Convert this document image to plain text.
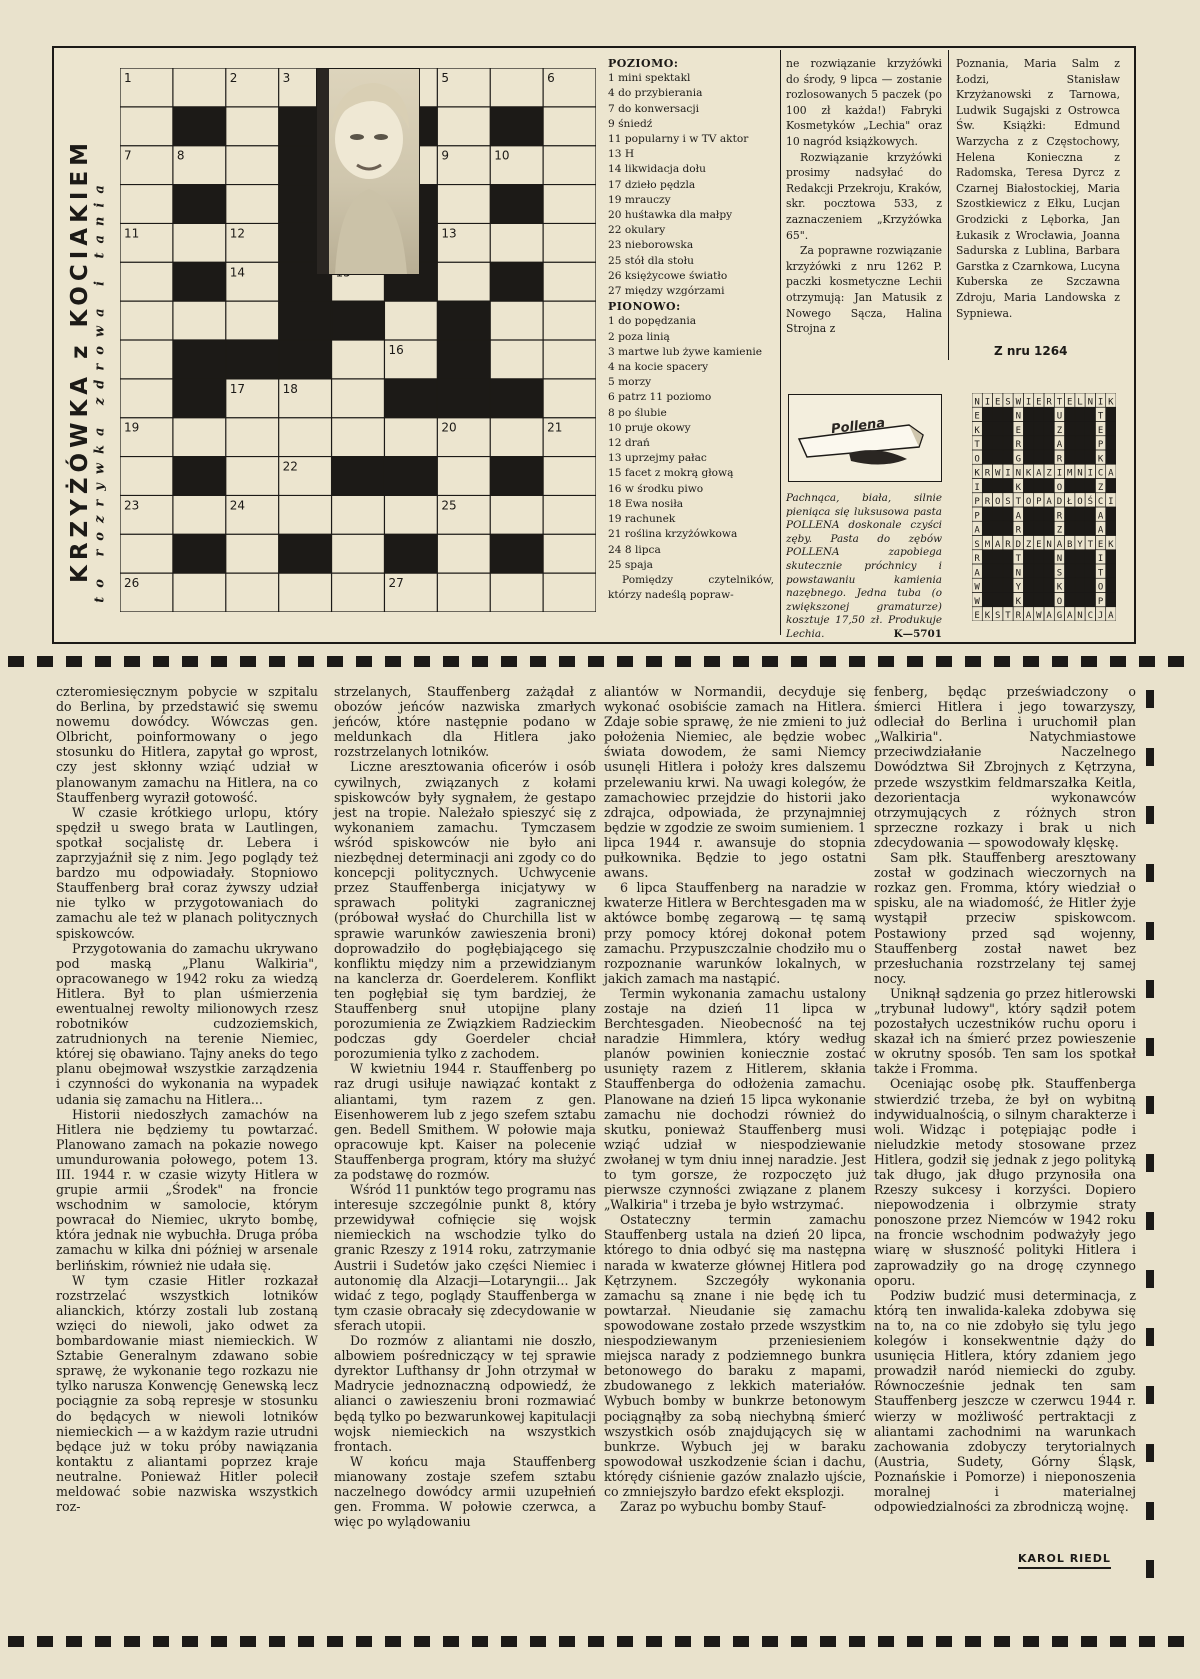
KRZYŻÓWKA z KOCIAKIEM to rozrywka zdrowa i tania
1	2	3	5	6
7	8	9	10
11	12	13
14
16
17	18
19	20	21
22
23	24	25
26	27
POZIOMO:
1 mini spektakl
4 do przybierania
7 do konwersacji
9 śniedź
11 popularny i w TV aktor
13 H
14 likwidacja dołu
17 dzieło pędzla
19 mrauczy
20 huśtawka dla małpy
22 okulary
23 nieborowska
25 stół dla stołu
26 księżycowe światło
27 między wzgórzami
PIONOWO:
1 do popędzania
2 poza linią
3 martwe lub żywe kamienie
4 na kocie spacery
5 morzy
6 patrz 11 poziomo
8 po ślubie
10 pruje okowy
12 drań
13 uprzejmy pałac
15 facet z mokrą głową
16 w środku piwo
18 Ewa nosiła
19 rachunek
21 roślina krzyżówkowa
24 8 lipca
25 spaja
Pomiędzy czytelników, którzy nadeślą popraw-
ne rozwiązanie krzyżówki do środy, 9 lipca — zostanie rozlosowanych 5 paczek (po 100 zł każda!) Fabryki Kosmetyków „Lechia" oraz 10 nagród książkowych.
Rozwiązanie krzyżówki prosimy nadsyłać do Redakcji Przekroju, Kraków, skr. pocztowa 533, z zaznaczeniem „Krzyżówka 65".
Za poprawne rozwiązanie krzyżówki z nru 1262 P. paczki kosmetyczne Lechii otrzymują: Jan Matusik z Nowego Sącza, Halina Strojna z
Poznania, Maria Salm z Łodzi, Stanisław Krzyżanowski z Tarnowa, Ludwik Sugajski z Ostrowca Św. Książki: Edmund Warzycha z z Częstochowy, Helena Konieczna z Radomska, Teresa Dyrcz z Czarnej Białostockiej, Maria Szostkiewicz z Ełku, Lucjan Grodzicki z Lęborka, Jan Łukasik z Wrocławia, Joanna Sadurska z Lublina, Barbara Garstka z Czarnkowa, Lucyna Kuberska ze Szczawna Zdroju, Maria Landowska z Sypniewa.
Pollena
Pachnąca, biała, silnie pieniąca się luksusowa pasta POLLENA doskonale czyści zęby. Pasta do zębów POLLENA zapobiega skutecznie próchnicy i powstawaniu kamienia nazębnego. Jedna tuba (o zwiększonej gramaturze) kosztuje 17,50 zł. Produkuje Lechia.	K—5701
Z nru 1264
N I E S W I E R T E L N I K
E	N	U	T
K	E	Z	E
T	R	A	P
O	G	R	K
K R W I N K A Z I M N I C A
I	K	O	Z
P R O S T O P A D Ł O Ś C I
P	A	R	A
A	R	Z	A
S M A R D Z E N A B Y T E K
R	T	N	I
A	N	S	T
W	Y	K	O
W	K	O	P
E K S T R A W A G A N C J A

czteromiesięcznym pobycie w szpitalu do Berlina, by przedstawić się swemu nowemu dowódcy. Wówczas gen. Olbricht, poinformowany o jego stosunku do Hitlera, zapytał go wprost, czy jest skłonny wziąć udział w planowanym zamachu na Hitlera, na co Stauffenberg wyraził gotowość.

W czasie krótkiego urlopu, który spędził u swego brata w Lautlingen, spotkał socjalistę dr. Lebera i zaprzyjaźnił się z nim. Jego poglądy też bardzo mu odpowiadały. Stopniowo Stauffenberg brał coraz żywszy udział nie tylko w przygotowaniach do zamachu ale też w planach politycznych spiskowców.

Przygotowania do zamachu ukrywano pod maską „Planu Walkiria", opracowanego w 1942 roku za wiedzą Hitlera. Był to plan uśmierzenia ewentualnej rewolty milionowych rzesz robotników cudzoziemskich, zatrudnionych na terenie Niemiec, której się obawiano. Tajny aneks do tego planu obejmował wszystkie zarządzenia i czynności do wykonania na wypadek udania się zamachu na Hitlera...

Historii niedoszłych zamachów na Hitlera nie będziemy tu powtarzać. Planowano zamach na pokazie nowego umundurowania połowego, potem 13. III. 1944 r. w czasie wizyty Hitlera w grupie armii „Środek" na froncie wschodnim w samolocie, którym powracał do Niemiec, ukryto bombę, która jednak nie wybuchła. Druga próba zamachu w kilka dni później w arsenale berlińskim, również nie udała się.

W tym czasie Hitler rozkazał rozstrzelać wszystkich lotników alianckich, którzy zostali lub zostaną wzięci do niewoli, jako odwet za bombardowanie miast niemieckich. W Sztabie Generalnym zdawano sobie sprawę, że wykonanie tego rozkazu nie tylko narusza Konwencję Genewską lecz pociągnie za sobą represje w stosunku do będących w niewoli lotników niemieckich — a w każdym razie utrudni będące już w toku próby nawiązania kontaktu z aliantami poprzez kraje neutralne. Ponieważ Hitler polecił meldować sobie nazwiska wszystkich roz-

strzelanych, Stauffenberg zażądał z obozów jeńców nazwiska zmarłych jeńców, które następnie podano w meldunkach dla Hitlera jako rozstrzelanych lotników.

Liczne aresztowania oficerów i osób cywilnych, związanych z kołami spiskowców były sygnałem, że gestapo jest na tropie. Należało spieszyć się z wykonaniem zamachu. Tymczasem wśród spiskowców nie było ani niezbędnej determinacji ani zgody co do koncepcji politycznych. Uchwycenie przez Stauffenberga inicjatywy w sprawach polityki zagranicznej (próbował wysłać do Churchilla list w sprawie warunków zawieszenia broni) doprowadziło do pogłębiającego się konfliktu między nim a przewidzianym na kanclerza dr. Goerdelerem. Konflikt ten pogłębiał się tym bardziej, że Stauffenberg snuł utopijne plany porozumienia ze Związkiem Radzieckim podczas gdy Goerdeler chciał porozumienia tylko z zachodem.

W kwietniu 1944 r. Stauffenberg po raz drugi usiłuje nawiązać kontakt z aliantami, tym razem z gen. Eisenhowerem lub z jego szefem sztabu gen. Bedell Smithem. W połowie maja opracowuje kpt. Kaiser na polecenie Stauffenberga program, który ma służyć za podstawę do rozmów.

Wśród 11 punktów tego programu nas interesuje szczególnie punkt 8, który przewidywał cofnięcie się wojsk niemieckich na wschodzie tylko do granic Rzeszy z 1914 roku, zatrzymanie Austrii i Sudetów jako części Niemiec i autonomię dla Alzacji—Lotaryngii... Jak widać z tego, poglądy Stauffenberga w tym czasie obracały się zdecydowanie w sferach utopii.

Do rozmów z aliantami nie doszło, albowiem pośredniczący w tej sprawie dyrektor Lufthansy dr John otrzymał w Madrycie jednoznaczną odpowiedź, że alianci o zawieszeniu broni rozmawiać będą tylko po bezwarunkowej kapitulacji wojsk niemieckich na wszystkich frontach.

W końcu maja Stauffenberg mianowany zostaje szefem sztabu naczelnego dowódcy armii uzupełnień gen. Fromma. W połowie czerwca, a więc po wylądowaniu

aliantów w Normandii, decyduje się wykonać osobiście zamach na Hitlera. Zdaje sobie sprawę, że nie zmieni to już położenia Niemiec, ale będzie wobec świata dowodem, że sami Niemcy usunęli Hitlera i położy kres dalszemu przelewaniu krwi. Na uwagi kolegów, że zamachowiec przejdzie do historii jako zdrajca, odpowiada, że przynajmniej będzie w zgodzie ze swoim sumieniem. 1 lipca 1944 r. awansuje do stopnia pułkownika. Będzie to jego ostatni awans.

6 lipca Stauffenberg na naradzie w kwaterze Hitlera w Berchtesgaden ma w aktówce bombę zegarową — tę samą przy pomocy której dokonał potem zamachu. Przypuszczalnie chodziło mu o rozpoznanie warunków lokalnych, w jakich zamach ma nastąpić.

Termin wykonania zamachu ustalony zostaje na dzień 11 lipca w Berchtesgaden. Nieobecność na tej naradzie Himmlera, który według planów powinien koniecznie zostać usunięty razem z Hitlerem, skłania Stauffenberga do odłożenia zamachu. Planowane na dzień 15 lipca wykonanie zamachu nie dochodzi również do skutku, ponieważ Stauffenberg musi wziąć udział w niespodziewanie zwołanej w tym dniu innej naradzie. Jest to tym gorsze, że rozpoczęto już pierwsze czynności związane z planem „Walkiria" i trzeba je było wstrzymać.

Ostateczny termin zamachu Stauffenberg ustala na dzień 20 lipca, którego to dnia odbyć się ma następna narada w kwaterze głównej Hitlera pod Kętrzynem. Szczegóły wykonania zamachu są znane i nie będę ich tu powtarzał. Nieudanie się zamachu spowodowane zostało przede wszystkim niespodziewanym przeniesieniem miejsca narady z podziemnego bunkra betonowego do baraku z mapami, zbudowanego z lekkich materiałów. Wybuch bomby w bunkrze betonowym pociągnąłby za sobą niechybną śmierć wszystkich osób znajdujących się w bunkrze. Wybuch jej w baraku spowodował uszkodzenie ścian i dachu, którędy ciśnienie gazów znalazło ujście, co zmniejszyło bardzo efekt eksplozji.

Zaraz po wybuchu bomby Stauf-

fenberg, będąc przeświadczony o śmierci Hitlera i jego towarzyszy, odleciał do Berlina i uruchomił plan „Walkiria". Natychmiastowe przeciwdziałanie Naczelnego Dowództwa Sił Zbrojnych z Kętrzyna, przede wszystkim feldmarszałka Keitla, dezorientacja wykonawców otrzymujących z różnych stron sprzeczne rozkazy i brak u nich zdecydowania — spowodowały klęskę.

Sam płk. Stauffenberg aresztowany został w godzinach wieczornych na rozkaz gen. Fromma, który wiedział o spisku, ale na wiadomość, że Hitler żyje wystąpił przeciw spiskowcom. Postawiony przed sąd wojenny, Stauffenberg został nawet bez przesłuchania rozstrzelany tej samej nocy.

Uniknął sądzenia go przez hitlerowski „trybunał ludowy", który sądził potem pozostałych uczestników ruchu oporu i skazał ich na śmierć przez powieszenie w okrutny sposób. Ten sam los spotkał także i Fromma.

Oceniając osobę płk. Stauffenberga stwierdzić trzeba, że był on wybitną indywidualnością, o silnym charakterze i woli. Widząc i potępiając podłe i nieludzkie metody stosowane przez Hitlera, godził się jednak z jego polityką tak długo, jak długo przynosiła ona Rzeszy sukcesy i korzyści. Dopiero niepowodzenia i olbrzymie straty ponoszone przez Niemców w 1942 roku na froncie wschodnim podważyły jego wiarę w słuszność polityki Hitlera i zaprowadziły go na drogę czynnego oporu.

Podziw budzić musi determinacja, z którą ten inwalida-kaleka zdobywa się na to, na co nie zdobyło się tylu jego kolegów i konsekwentnie dąży do usunięcia Hitlera, który zdaniem jego prowadził naród niemiecki do zguby. Równocześnie jednak ten sam Stauffenberg jeszcze w czerwcu 1944 r. wierzy w możliwość pertraktacji z aliantami zachodnimi na warunkach zachowania zdobyczy terytorialnych (Austria, Sudety, Górny Śląsk, Poznańskie i Pomorze) i nieponoszenia moralnej i materialnej odpowiedzialności za zbrodniczą wojnę.

KAROL RIEDL
